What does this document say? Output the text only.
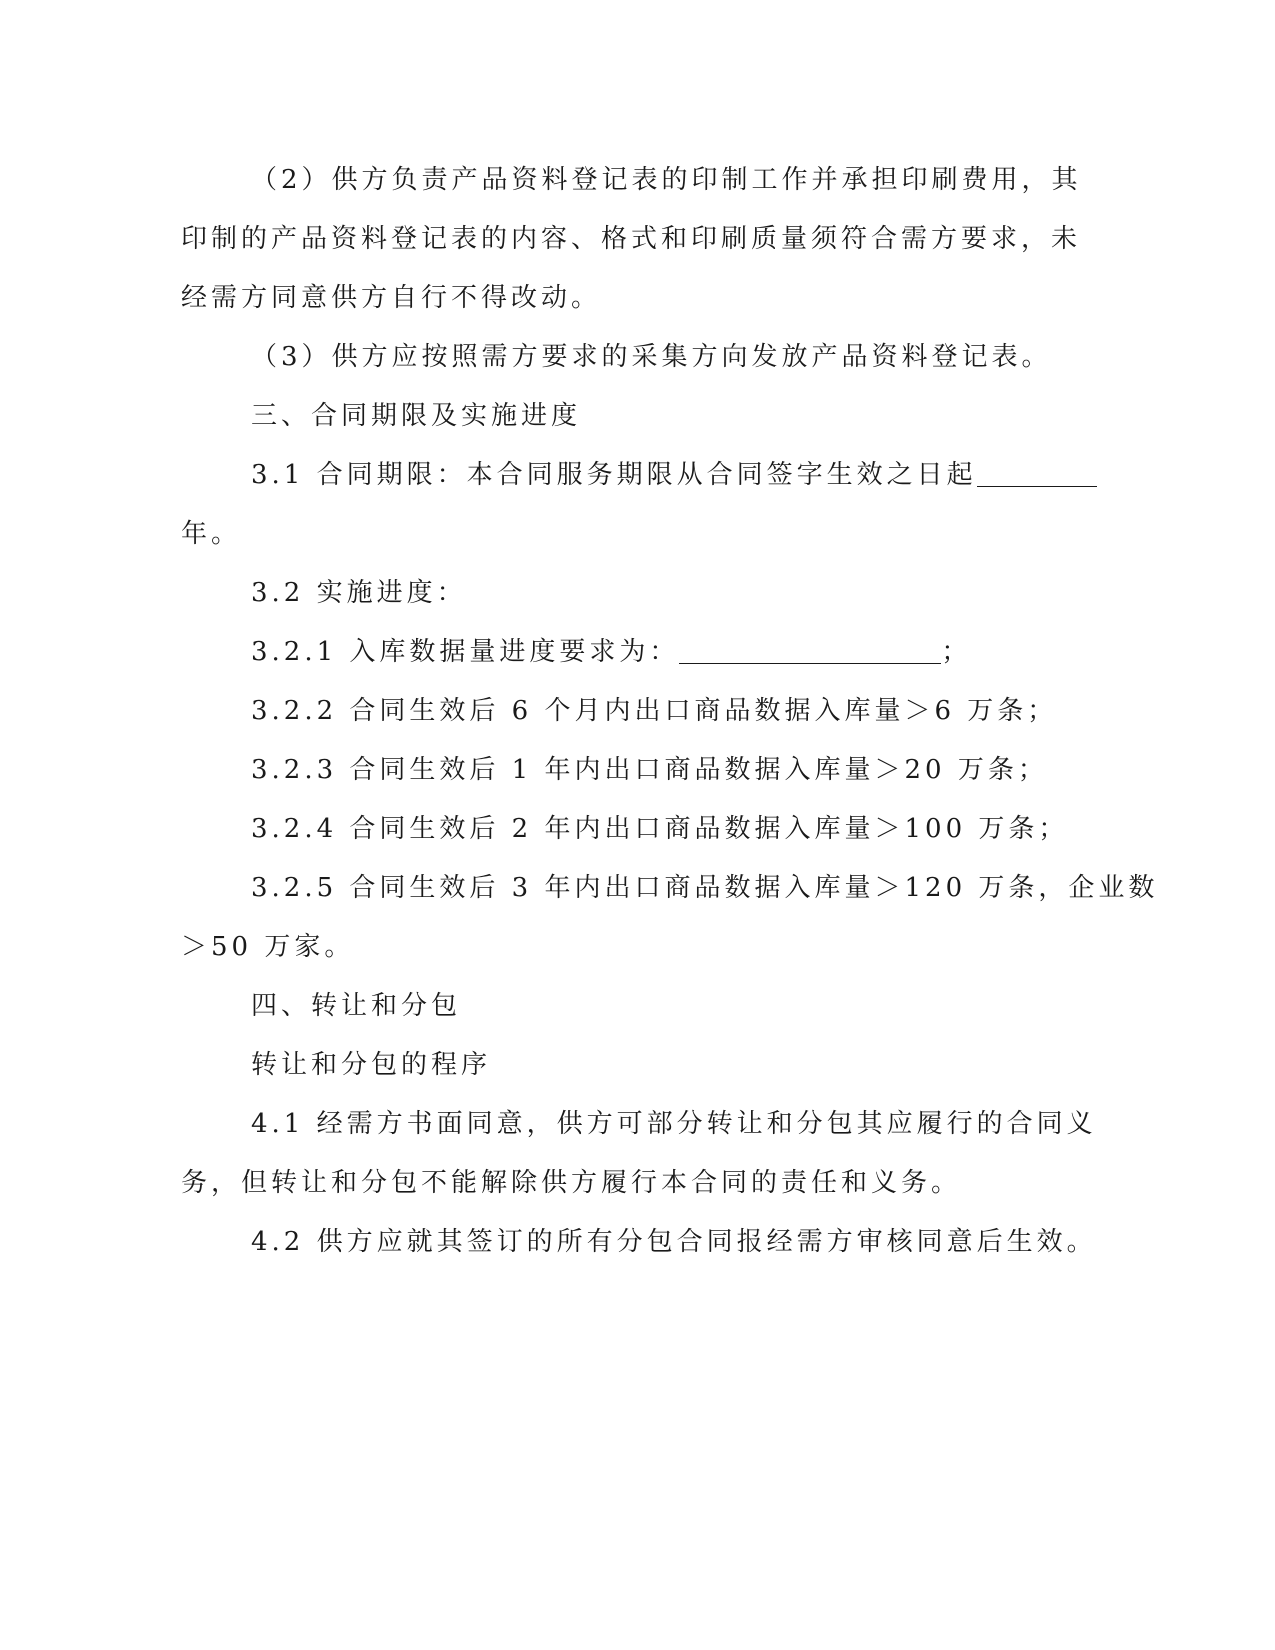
（2）供方负责产品资料登记表的印制工作并承担印刷费用，其
印制的产品资料登记表的内容、格式和印刷质量须符合需方要求，未
经需方同意供方自行不得改动。
（3）供方应按照需方要求的采集方向发放产品资料登记表。
三、合同期限及实施进度
3.1 合同期限：本合同服务期限从合同签字生效之日起
年。
3.2 实施进度：
3.2.1 入库数据量进度要求为：	；
3.2.2 合同生效后 6 个月内出口商品数据入库量＞6 万条；
3.2.3 合同生效后 1 年内出口商品数据入库量＞20 万条；
3.2.4 合同生效后 2 年内出口商品数据入库量＞100 万条；
3.2.5 合同生效后 3 年内出口商品数据入库量＞120 万条，企业数
＞50 万家。
四、转让和分包
转让和分包的程序
4.1 经需方书面同意，供方可部分转让和分包其应履行的合同义
务，但转让和分包不能解除供方履行本合同的责任和义务。
4.2 供方应就其签订的所有分包合同报经需方审核同意后生效。
